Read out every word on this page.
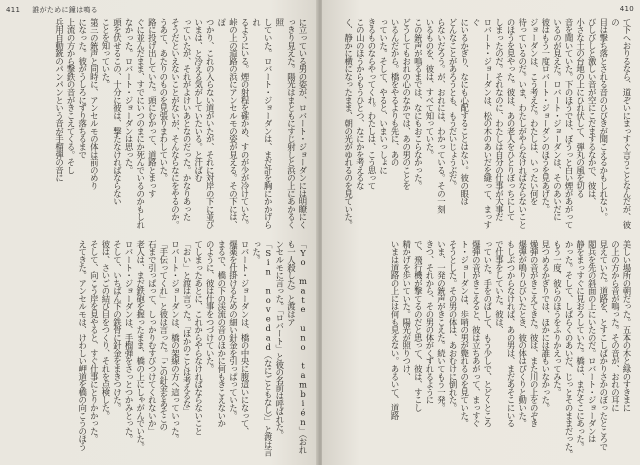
411 誰がために鐘は鳴る
に立っている男の姿が、ロバート・ジョーダンには明瞭にく
っきり見えた。陽光はまともにすじ射しと浜の上にあかるく照
していた。ロバート・ジョーダンは、まだ計を胸にかかげられ
るようにいる。煙の射程を確かめ、すのが少が冷けていた。
峠の上の道路の浜にアンセルモの姿が見える。その下には、ぽ
つかり、これの入らない道がいたが、それに対岸の下に並び
いまは、と冷える気がしていたいる。と汗ばむ
っていたが、それがよけいあとなのだった。かなりあった
そうだといえないことがないが、そんならなにをやるのか。
うあて、あたりのものを見張りまわしていた。
路に投げ出していた。頭にむかって、道路とまっす
ぐに並んだまま、すでにいつのまにか死んでいるのかもしれ
なかった。ロバート・ジョーダンは思った。
頭を伏せるこの、十分に彼は、撃たなければならない
ことを知っていた。
第三の銃声と同時に、アンセルモの体は前のめり
になった。彼がうしろにずり落ちるまで
上流の方から撃鉄の音がきこえてくる。そし
兵用自動銃のパンパンという音が手榴弾の音に
「Yo mate uno también」（おれも一人殺した）と渡はア
ンセルモに言った。「ロバート」と彼の名前は呼ばれた。
「Sin novedad（なにごともなし）」と渡は言った。
ロバート・ジョーダンは、橋の中央に腹這いになって、
爆薬を仕掛けるための細い針金を引っぱっていた。
まるで、橋の下の渓流の音のほかに何もきこえないか
のように、彼は仕事をつづけていた。
てしまったあとに、これからやらなければならないこと
「おい」と渡は言った。「ほかのことは考えるな」
ロバート・ジョーダンは、橋の架線の方へ這っていった。
「手伝ってくれ」と彼は言った。「この針金をあそこの
石まで引っぱって、しっかりむすびつけてくれないか」
老人は、まだ鉄砲を握ったまま、橋の上にしゃがんでいた。
ロバート・ジョーダンは、手榴弾をさっとつかみとった。
そして、いちばん下の鉄骨に針金をまきつけた。
彼は、さいごの結び目をつくり、それを点検した。
そして、向こう岸を見やると、すぐ仕事にとりかかった。
えてきた。アンセルモは、けわしい岬道を橋の向こうのほう
410
て下へおりるなら、道ぞいにまっすぐ言うことなんだが、彼の
目は撃ち落とされる音のひびきが聞こえるかもしれない。
びしびしと激しい音が空にこだまするなかで、彼は、
小さな土の台地の上にひれ伏して、弾丸の風を切る
音を聞いていた。下のほうでは、ぼうっと白い煙があがって
いるのが見えた。ロバート・ジョーダンは、そのあいだに
彼はもう一度ロバート・ジョーダンのほうを見あげた。
ジョーダンは、こう考えた。わたしは、いったい何を
待っているのだ。いま、わたしがやらなければならないこと
のほうを見やった。彼は、あの老人をひとりぼっちにして
しまったのだ。それなのに、わたしは自分の仕事が大事だ
ロバート・ジョーダンは、松の木のあいだを縫って、まっすぐ
にいるかぎり、なにも心配することはない。彼の眼は
どんなことがあろうとも、もうだいじょうぶだ。
らないだろう。が、おれには、わかっている。その一刻
いるものを、彼は、すべて知っていた。
この銃声が鳴るまでは、なにもおこらなかった。
どうしてもおれの心のなかでは、あの男のことを
いるんだから。橋をやるよりも先に、あの
っていた。そして、やると、いまいっしょに
きるものならやってくれ。わたしは、こう思って
この山のほうからもうひとつ、なにかを考えるな
く、静かに横になったまま、朝の光がゆれるのを見ていた。
美しい場所の朝だった。五本の木と緑のすきまに
の上の方から音が鳴った。その音が、おれの耳に
見えていた。道路を、とすこしばかりさかのぼったところで
閲兵を先の斜面の上にいたのだ。ロバート・ジョーダンは
静をまっすぐに見おろしていた。橋は、まだそこにあった。
かった。そして、しばらくのあいだ、じっとそのままだった。
もう一度、彼らのほうをふりかえってみた。
見つめるかぎりでは、ほかには誰もいなかった。
燥弾の音がきこえてきた。彼は、また川の上をのぞき
爆弾が鳴りひびいたとき、彼の体はぴくりと動いた。
もしぶつからなければ、あの男は、まだあそこにいる
で仕事をしていた。彼は、
っていた。手をのばして、もう少しで、とどくところ
爆弾の音がきこえると、彼は立ちあがって、まっすぐ
ト・ジョーダンは、歩哨の男が斃れるのを見ていた。
そうとした。その男の体は、あおむけに倒れた。
いま、一発の銃声がきこえた。続いてもう一発。
きつ、それから、その男の体がくずれるように
で、飛行機が撃てるのだと思って、彼は、すこし
精かげを歩いていた。陽光が照りつけ、
いまは道路の上には何も見えない。あるいて、道路
